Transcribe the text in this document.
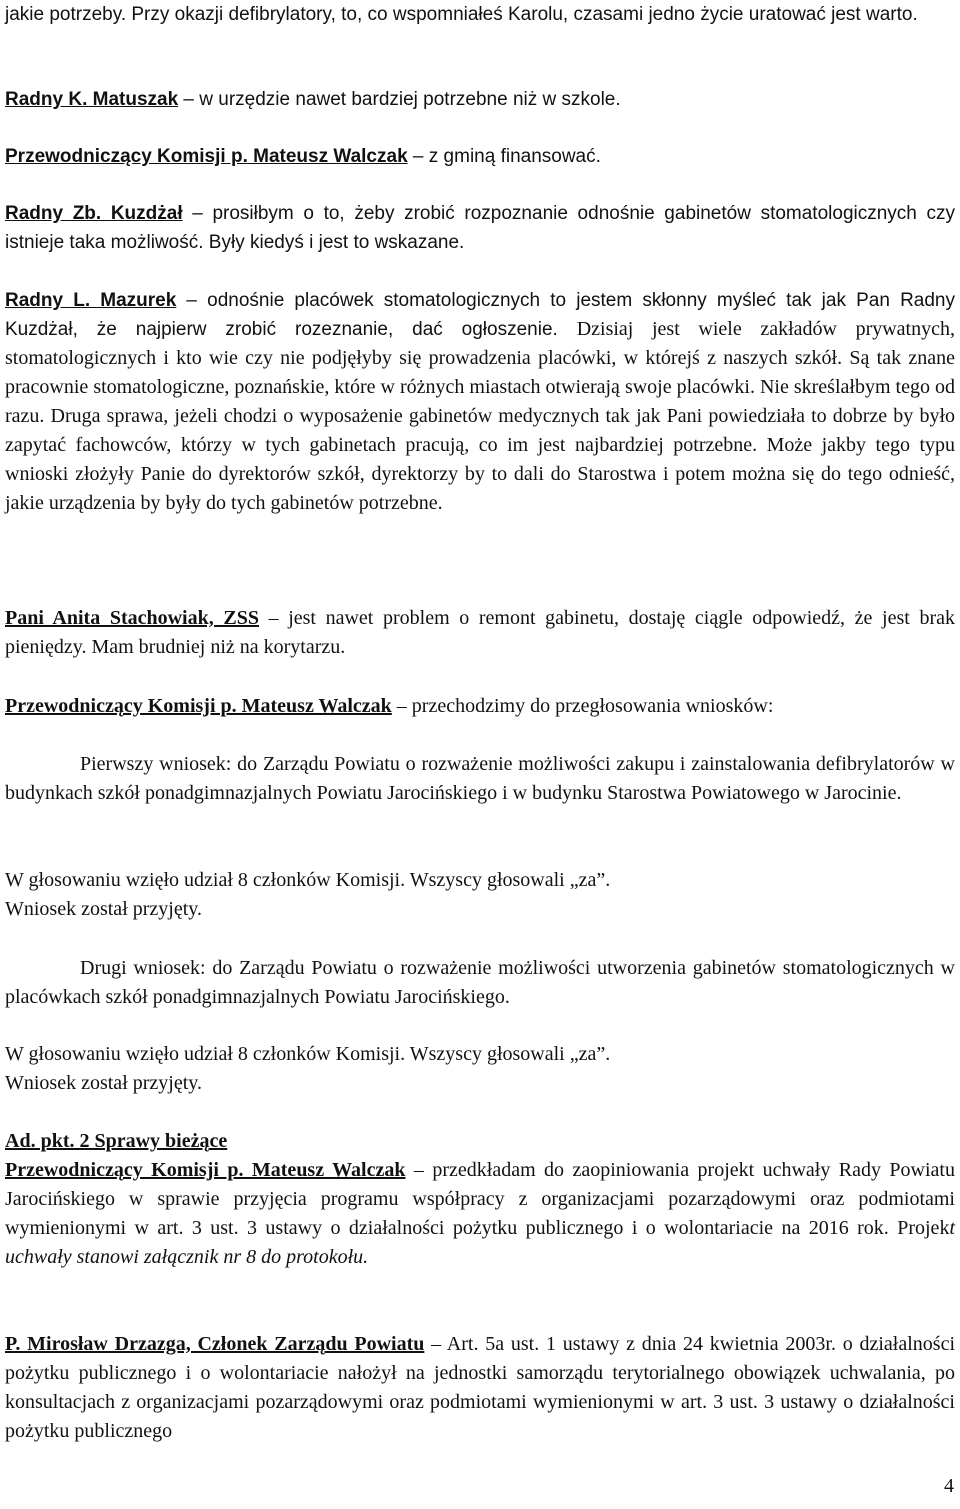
jakie potrzeby. Przy okazji defibrylatory, to, co wspomniałeś Karolu, czasami jedno życie uratować jest warto.
Radny K. Matuszak – w urzędzie nawet bardziej potrzebne niż w szkole.
Przewodniczący Komisji p. Mateusz Walczak – z gminą finansować.
Radny Zb. Kuzdżał – prosiłbym o to, żeby zrobić rozpoznanie odnośnie gabinetów stomatologicznych czy istnieje taka możliwość. Były kiedyś i jest to wskazane.
Radny L. Mazurek – odnośnie placówek stomatologicznych to jestem skłonny myśleć tak jak Pan Radny Kuzdżał, że najpierw zrobić rozeznanie, dać ogłoszenie. Dzisiaj jest wiele zakładów prywatnych, stomatologicznych i kto wie czy nie podjęłyby się prowadzenia placówki, w którejś z naszych szkół. Są tak znane pracownie stomatologiczne, poznańskie, które w różnych miastach otwierają swoje placówki. Nie skreślałbym tego od razu. Druga sprawa, jeżeli chodzi o wyposażenie gabinetów medycznych tak jak Pani powiedziała to dobrze by było zapytać fachowców, którzy w tych gabinetach pracują, co im jest najbardziej potrzebne. Może jakby tego typu wnioski złożyły Panie do dyrektorów szkół, dyrektorzy by to dali do Starostwa i potem można się do tego odnieść, jakie urządzenia by były do tych gabinetów potrzebne.
Pani Anita Stachowiak, ZSS – jest nawet problem o remont gabinetu, dostaję ciągle odpowiedź, że jest brak pieniędzy. Mam brudniej niż na korytarzu.
Przewodniczący Komisji p. Mateusz Walczak – przechodzimy do przegłosowania wniosków:
Pierwszy wniosek: do Zarządu Powiatu o rozważenie możliwości zakupu i zainstalowania defibrylatorów w budynkach szkół ponadgimnazjalnych Powiatu Jarocińskiego i w budynku Starostwa Powiatowego w Jarocinie.
W głosowaniu wzięło udział 8 członków Komisji. Wszyscy głosowali „za”.
Wniosek został przyjęty.
Drugi wniosek: do Zarządu Powiatu o rozważenie możliwości utworzenia gabinetów stomatologicznych w placówkach szkół ponadgimnazjalnych Powiatu Jarocińskiego.
W głosowaniu wzięło udział 8 członków Komisji. Wszyscy głosowali „za”.
Wniosek został przyjęty.
Ad. pkt. 2 Sprawy bieżące
Przewodniczący Komisji p. Mateusz Walczak – przedkładam do zaopiniowania projekt uchwały Rady Powiatu Jarocińskiego w sprawie przyjęcia programu współpracy z organizacjami pozarządowymi oraz podmiotami wymienionymi w art. 3 ust. 3 ustawy o działalności pożytku publicznego i o wolontariacie na 2016 rok. Projekt uchwały stanowi załącznik nr 8 do protokołu.
P. Mirosław Drzazga, Członek Zarządu Powiatu – Art. 5a ust. 1 ustawy z dnia 24 kwietnia 2003r. o działalności pożytku publicznego i o wolontariacie nałożył na jednostki samorządu terytorialnego obowiązek uchwalania, po konsultacjach z organizacjami pozarządowymi oraz podmiotami wymienionymi w art. 3 ust. 3 ustawy o działalności pożytku publicznego
4
